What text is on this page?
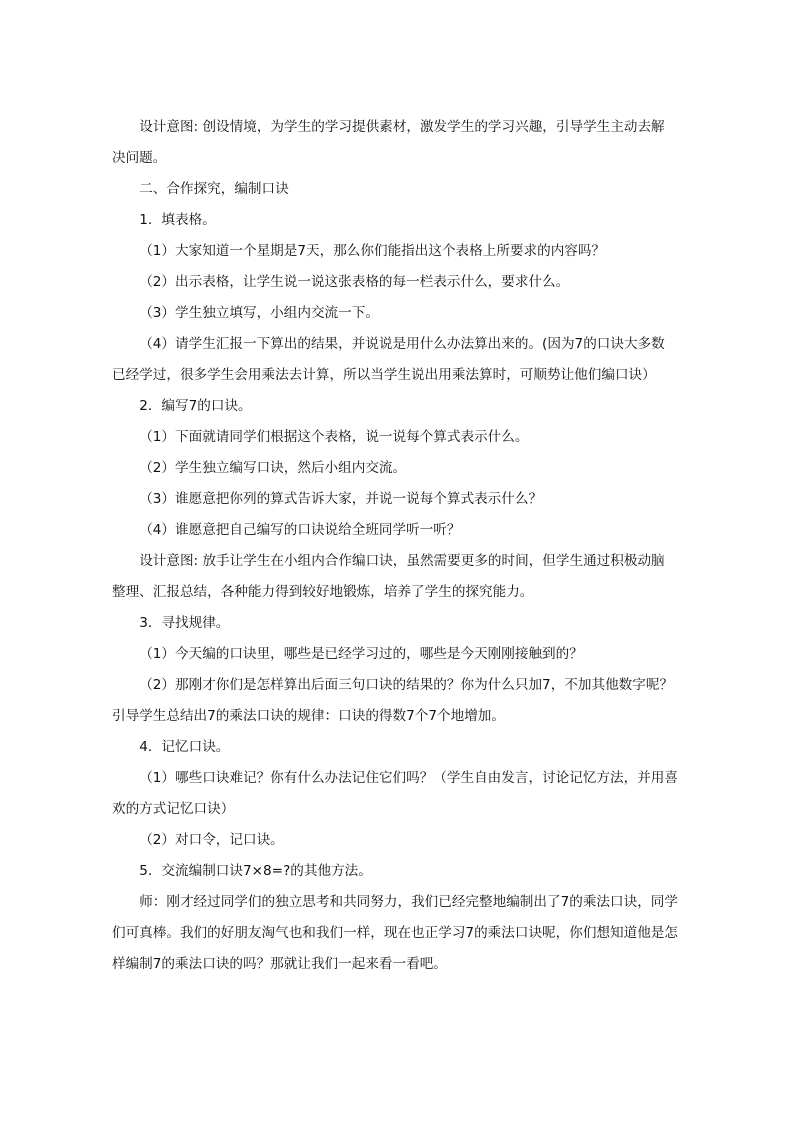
设计意图: 创设情境，为学生的学习提供素材，激发学生的学习兴趣，引导学生主动去解决问题。

二、合作探究，编制口诀

1．填表格。

（1）大家知道一个星期是7天，那么你们能指出这个表格上所要求的内容吗？

（2）出示表格，让学生说一说这张表格的每一栏表示什么，要求什么。

（3）学生独立填写，小组内交流一下。

（4）请学生汇报一下算出的结果，并说说是用什么办法算出来的。(因为7的口诀大多数已经学过，很多学生会用乘法去计算，所以当学生说出用乘法算时，可顺势让他们编口诀）

2．编写7的口诀。

（1）下面就请同学们根据这个表格，说一说每个算式表示什么。

（2）学生独立编写口诀，然后小组内交流。

（3）谁愿意把你列的算式告诉大家，并说一说每个算式表示什么？

（4）谁愿意把自己编写的口诀说给全班同学听一听？

设计意图: 放手让学生在小组内合作编口诀，虽然需要更多的时间，但学生通过积极动脑整理、汇报总结，各种能力得到较好地锻炼，培养了学生的探究能力。

3．寻找规律。

（1）今天编的口诀里，哪些是已经学习过的，哪些是今天刚刚接触到的？

（2）那刚才你们是怎样算出后面三句口诀的结果的？你为什么只加7，不加其他数字呢？引导学生总结出7的乘法口诀的规律：口诀的得数7个7个地增加。

4．记忆口诀。

（1）哪些口诀难记？你有什么办法记住它们吗？（学生自由发言，讨论记忆方法，并用喜欢的方式记忆口诀）

（2）对口令，记口诀。

5．交流编制口诀7×8=?的其他方法。

师：刚才经过同学们的独立思考和共同努力，我们已经完整地编制出了7的乘法口诀，同学们可真棒。我们的好朋友淘气也和我们一样，现在也正学习7的乘法口诀呢，你们想知道他是怎样编制7的乘法口诀的吗？那就让我们一起来看一看吧。
